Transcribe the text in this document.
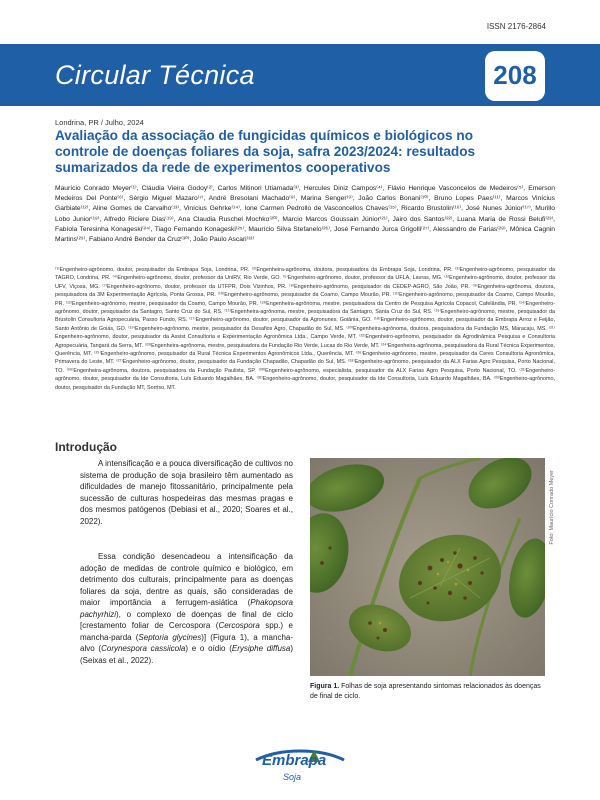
ISSN 2176-2864
Circular Técnica	208
Londrina, PR / Julho, 2024
Avaliação da associação de fungicidas químicos e biológicos no controle de doenças foliares da soja, safra 2023/2024: resultados sumarizados da rede de experimentos cooperativos
Maurício Conrado Meyer⁽¹⁾, Cláudia Vieira Godoy⁽²⁾, Carlos Mitinori Utiamada⁽³⁾, Hercules Diniz Campos⁽⁴⁾, Flávio Henrique Vasconcelos de Medeiros⁽⁵⁾, Emerson Medeiros Del Ponte⁽⁶⁾, Sérgio Miguel Mazaro⁽⁷⁾, André Bresolani Machado⁽⁸⁾, Marina Senger⁽⁹⁾, João Carlos Bonani⁽¹⁰⁾, Bruno Lopes Paes⁽¹¹⁾, Marcos Vinícius Garbiate⁽¹²⁾, Aline Gomes de Carvalho⁽¹³⁾, Vinícius Gehrke⁽¹⁴⁾, Ione Carmen Pedrollo de Vasconcellos Chaves⁽¹⁵⁾, Ricardo Brustolin⁽¹⁶⁾, José Nunes Júnior⁽¹⁷⁾, Murillo Lobo Junior⁽¹⁸⁾, Alfredo Riciere Dias⁽¹⁹⁾, Ana Claudia Ruschel Mochko⁽²⁰⁾, Marcio Marcos Goussain Júnior⁽²¹⁾, Jairo dos Santos⁽²²⁾, Luana Maria de Rossi Belufi⁽²³⁾, Fabíola Teresinha Konageski⁽²⁴⁾, Tiago Fernando Konageski⁽²⁵⁾, Maurício Silva Stefanelo⁽²⁶⁾, José Fernando Jurca Grigolli⁽²⁷⁾, Alessandro de Farias⁽²⁸⁾, Mônica Cagnin Martins⁽²⁹⁾, Fabiano André Bender da Cruz⁽³⁰⁾, João Paulo Ascari⁽³¹⁾
⁽¹⁾Engenheiro-agrônomo, doutor, pesquisador da Embrapa Soja, Londrina, PR. ⁽²⁾Engenheira-agrônoma, doutora, pesquisadora da Embrapa Soja, Londrina, PR. ⁽³⁾Engenheiro-agrônomo, pesquisador da TAGRO, Londrina, PR. ⁽⁴⁾Engenheiro-agrônomo, doutor, professor da UniRV, Rio Verde, GO. ⁽⁵⁾Engenheiro-agrônomo, doutor, professor da UFLA, Lavras, MG. ⁽⁶⁾Engenheiro-agrônomo, doutor, professor da UFV, Viçosa, MG. ⁽⁷⁾Engenheiro-agrônomo, doutor, professor da UTFPR, Dois Vizinhos, PR. ⁽⁸⁾Engenheiro-agrônomo, pesquisador da CEDEP-AGRO, São João, PR. ⁽⁹⁾Engenheira-agrônoma, doutora, pesquisadora da 3M Experimentação Agrícola, Ponta Grossa, PR. ⁽¹⁰⁾Engenheiro-agrônomo, pesquisador da Coamo, Campo Mourão, PR. ⁽¹¹⁾Engenheiro-agrônomo, pesquisador da Coamo, Campo Mourão, PR. ⁽¹²⁾Engenheiro-agrônomo, mestre, pesquisador da Coamo, Campo Mourão, PR. ⁽¹³⁾Engenheira-agrônoma, mestre, pesquisadora da Centro de Pesquisa Agrícola Copacol, Cafelândia, PR. ⁽¹⁴⁾Engenheiro-agrônomo, doutor, pesquisador da Santagro, Santo Cruz do Sul, RS. ⁽¹⁵⁾Engenheira-agrônoma, mestre, pesquisadora da Santagro, Santa Cruz do Sul, RS. ⁽¹⁶⁾Engenheiro-agrônomo, mestre, pesquisador da Brustolin Consultoria Agropecuária, Passo Fundo, RS. ⁽¹⁷⁾Engenheiro-agrônomo, doutor, pesquisador da Agronunes, Goiânia, GO. ⁽¹⁸⁾Engenheiro-agrônomo, doutor, pesquisador da Embrapa Arroz e Feijão, Santo Antônio de Goiás, GO. ⁽¹⁹⁾Engenheiro-agrônomo, mestre, pesquisador da Desafios Agro, Chapadão do Sul, MS. ⁽²⁰⁾Engenheira-agrônoma, doutora, pesquisadora da Fundação MS, Maracaju, MS. ⁽²¹⁾Engenheiro-agrônomo, doutor, pesquisador da Assist Consultoria e Experimentação Agronômica Ltda., Campo Verde, MT. ⁽²²⁾Engenheiro-agrônomo, pesquisador da Agrodinâmica Pesquisa e Consultoria Agropecuária, Tangará da Serra, MT. ⁽²³⁾Engenheira-agrônoma, mestre, pesquisadora da Fundação Rio Verde, Lucas do Rio Verde, MT. ⁽²⁴⁾Engenheira-agrônoma, pesquisadora da Rural Técnica Experimentos, Querência, MT. ⁽²⁵⁾Engenheiro-agrônomo, pesquisador da Rural Técnica Experimentos Agronômicos Ltda., Querência, MT. ⁽²⁶⁾Engenheiro-agrônomo, mestre, pesquisador da Ceres Consultoria Agronômica, Primavera do Leste, MT. ⁽²⁷⁾Engenheiro-agrônomo, doutor, pesquisador da Fundação Chapadão, Chapadão do Sul, MS. ⁽²⁸⁾Engenheiro-agrônomo, pesquisador da ALX Farias Agro Pesquisa, Porto Nacional, TO. ⁽²⁹⁾Engenheira-agrônoma, doutora, pesquisadora da Fundação Paulista, SP. ⁽³⁰⁾Engenheiro-agrônomo, especialista, pesquisador da ALX Farias Agro Pesquisa, Porto Nacional, TO. ⁽³¹⁾Engenheiro-agrônomo, doutor, pesquisador da Ide Consultoria, Luís Eduardo Magalhães, BA. ⁽³²⁾Engenheiro-agrônomo, doutor, pesquisador da Ide Consultoria, Luís Eduardo Magalhães, BA. ⁽³³⁾Engenheiro-agrônomo, doutor, pesquisador da Fundação MT, Sorriso, MT.
Introdução
A intensificação e a pouca diversificação de cultivos no sistema de produção de soja brasileiro têm aumentado as dificuldades de manejo fitossanitário, principalmente pela sucessão de culturas hospedeiras das mesmas pragas e dos mesmos patógenos (Debiasi et al., 2020; Soares et al., 2022).
Essa condição desencadeou a intensificação da adoção de medidas de controle químico e biológico, em detrimento dos culturais, principalmente para as doenças foliares da soja, dentre as quais, são consideradas de maior importância a ferrugem-asiática (Phakopsora pachyrhizi), o complexo de doenças de final de ciclo [crestamento foliar de Cercospora (Cercospora spp.) e mancha-parda (Septoria glycines)] (Figura 1), a mancha-alvo (Corynespora cassiicola) e o oídio (Erysiphe diffusa) (Seixas et al., 2022).
Foto: Maurício Conrado Meyer
Figura 1. Folhas de soja apresentando sintomas relacionados às doenças de final de ciclo.
Embrapa
Soja
